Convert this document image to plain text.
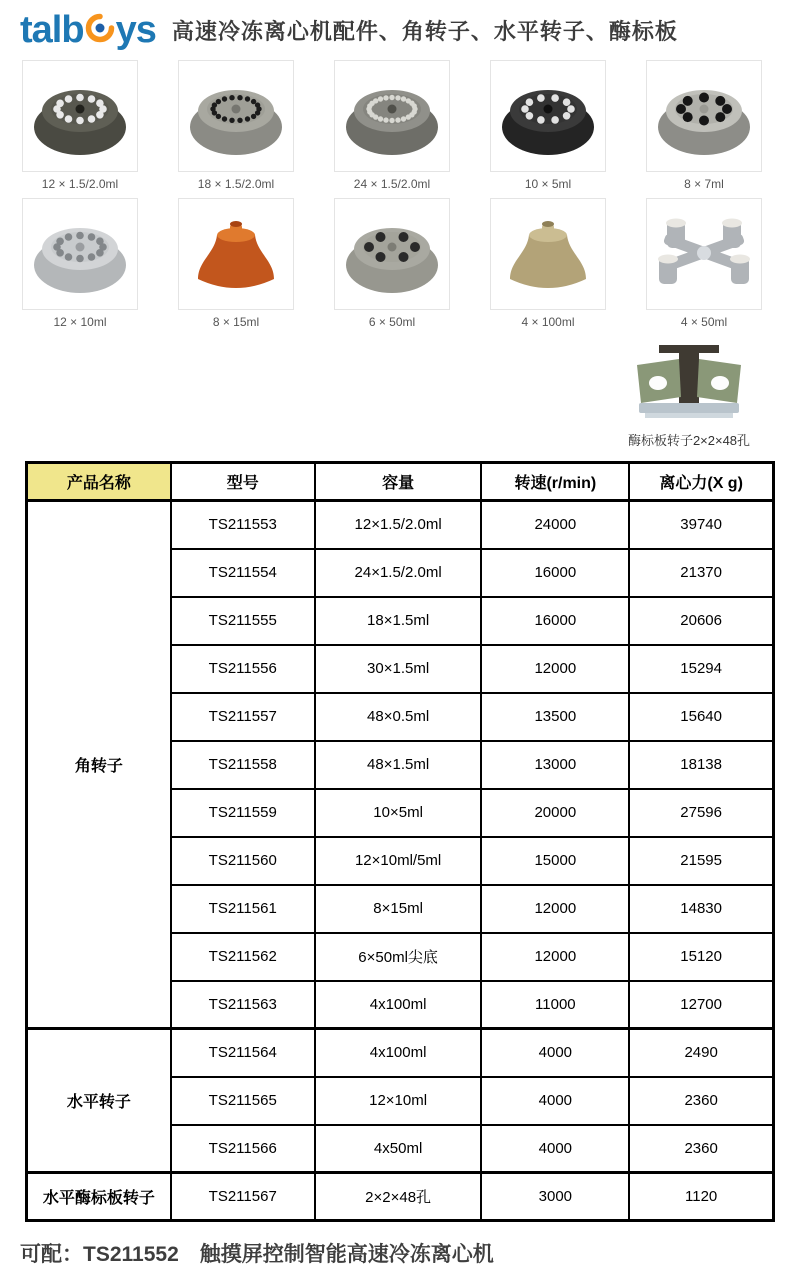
talb ys 高速冷冻离心机配件、角转子、水平转子、酶标板
12 × 1.5/2.0ml	18 × 1.5/2.0ml	24 × 1.5/2.0ml	10 × 5ml	8 × 7ml
12 × 10ml	8 × 15ml	6 × 50ml	4 × 100ml	4 × 50ml
酶标板转子2×2×48孔
产品名称	型号	容量	转速(r/min)	离心力(X g)
角转子	TS211553	12×1.5/2.0ml	24000	39740
	TS211554	24×1.5/2.0ml	16000	21370
	TS211555	18×1.5ml	16000	20606
	TS211556	30×1.5ml	12000	15294
	TS211557	48×0.5ml	13500	15640
	TS211558	48×1.5ml	13000	18138
	TS211559	10×5ml	20000	27596
	TS211560	12×10ml/5ml	15000	21595
	TS211561	8×15ml	12000	14830
	TS211562	6×50ml尖底	12000	15120
	TS211563	4x100ml	11000	12700
水平转子	TS211564	4x100ml	4000	2490
	TS211565	12×10ml	4000	2360
	TS211566	4x50ml	4000	2360
水平酶标板转子	TS211567	2×2×48孔	3000	1120
可配：TS211552　触摸屏控制智能高速冷冻离心机
